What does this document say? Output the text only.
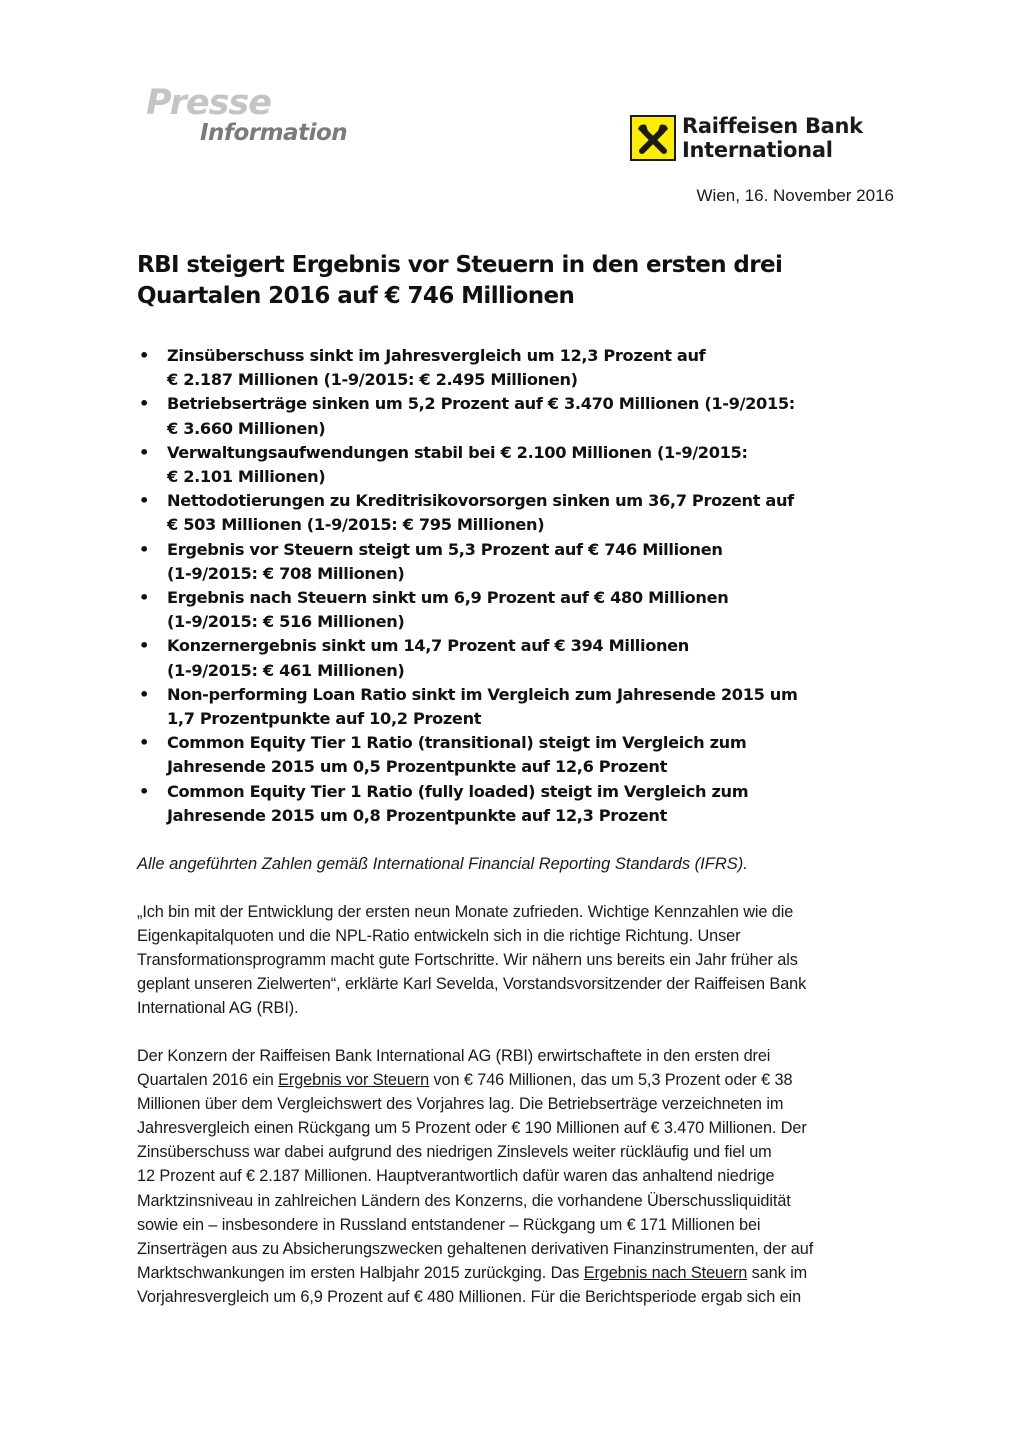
Presse
Information	Raiffeisen Bank
International
Wien, 16. November 2016
RBI steigert Ergebnis vor Steuern in den ersten drei Quartalen 2016 auf € 746 Millionen
• Zinsüberschuss sinkt im Jahresvergleich um 12,3 Prozent auf
€ 2.187 Millionen (1-9/2015: € 2.495 Millionen)
• Betriebserträge sinken um 5,2 Prozent auf € 3.470 Millionen (1-9/2015:
€ 3.660 Millionen)
• Verwaltungsaufwendungen stabil bei € 2.100 Millionen (1-9/2015:
€ 2.101 Millionen)
• Nettodotierungen zu Kreditrisikovorsorgen sinken um 36,7 Prozent auf
€ 503 Millionen (1-9/2015: € 795 Millionen)
• Ergebnis vor Steuern steigt um 5,3 Prozent auf € 746 Millionen
(1-9/2015: € 708 Millionen)
• Ergebnis nach Steuern sinkt um 6,9 Prozent auf € 480 Millionen
(1-9/2015: € 516 Millionen)
• Konzernergebnis sinkt um 14,7 Prozent auf € 394 Millionen
(1-9/2015: € 461 Millionen)
• Non-performing Loan Ratio sinkt im Vergleich zum Jahresende 2015 um
1,7 Prozentpunkte auf 10,2 Prozent
• Common Equity Tier 1 Ratio (transitional) steigt im Vergleich zum
Jahresende 2015 um 0,5 Prozentpunkte auf 12,6 Prozent
• Common Equity Tier 1 Ratio (fully loaded) steigt im Vergleich zum
Jahresende 2015 um 0,8 Prozentpunkte auf 12,3 Prozent

Alle angeführten Zahlen gemäß International Financial Reporting Standards (IFRS).

„Ich bin mit der Entwicklung der ersten neun Monate zufrieden. Wichtige Kennzahlen wie die
Eigenkapitalquoten und die NPL-Ratio entwickeln sich in die richtige Richtung. Unser
Transformationsprogramm macht gute Fortschritte. Wir nähern uns bereits ein Jahr früher als
geplant unseren Zielwerten“, erklärte Karl Sevelda, Vorstandsvorsitzender der Raiffeisen Bank
International AG (RBI).

Der Konzern der Raiffeisen Bank International AG (RBI) erwirtschaftete in den ersten drei
Quartalen 2016 ein Ergebnis vor Steuern von € 746 Millionen, das um 5,3 Prozent oder € 38
Millionen über dem Vergleichswert des Vorjahres lag. Die Betriebserträge verzeichneten im
Jahresvergleich einen Rückgang um 5 Prozent oder € 190 Millionen auf € 3.470 Millionen. Der
Zinsüberschuss war dabei aufgrund des niedrigen Zinslevels weiter rückläufig und fiel um
12 Prozent auf € 2.187 Millionen. Hauptverantwortlich dafür waren das anhaltend niedrige
Marktzinsniveau in zahlreichen Ländern des Konzerns, die vorhandene Überschussliquidität
sowie ein – insbesondere in Russland entstandener – Rückgang um € 171 Millionen bei
Zinserträgen aus zu Absicherungszwecken gehaltenen derivativen Finanzinstrumenten, der auf
Marktschwankungen im ersten Halbjahr 2015 zurückging. Das Ergebnis nach Steuern sank im
Vorjahresvergleich um 6,9 Prozent auf € 480 Millionen. Für die Berichtsperiode ergab sich ein
